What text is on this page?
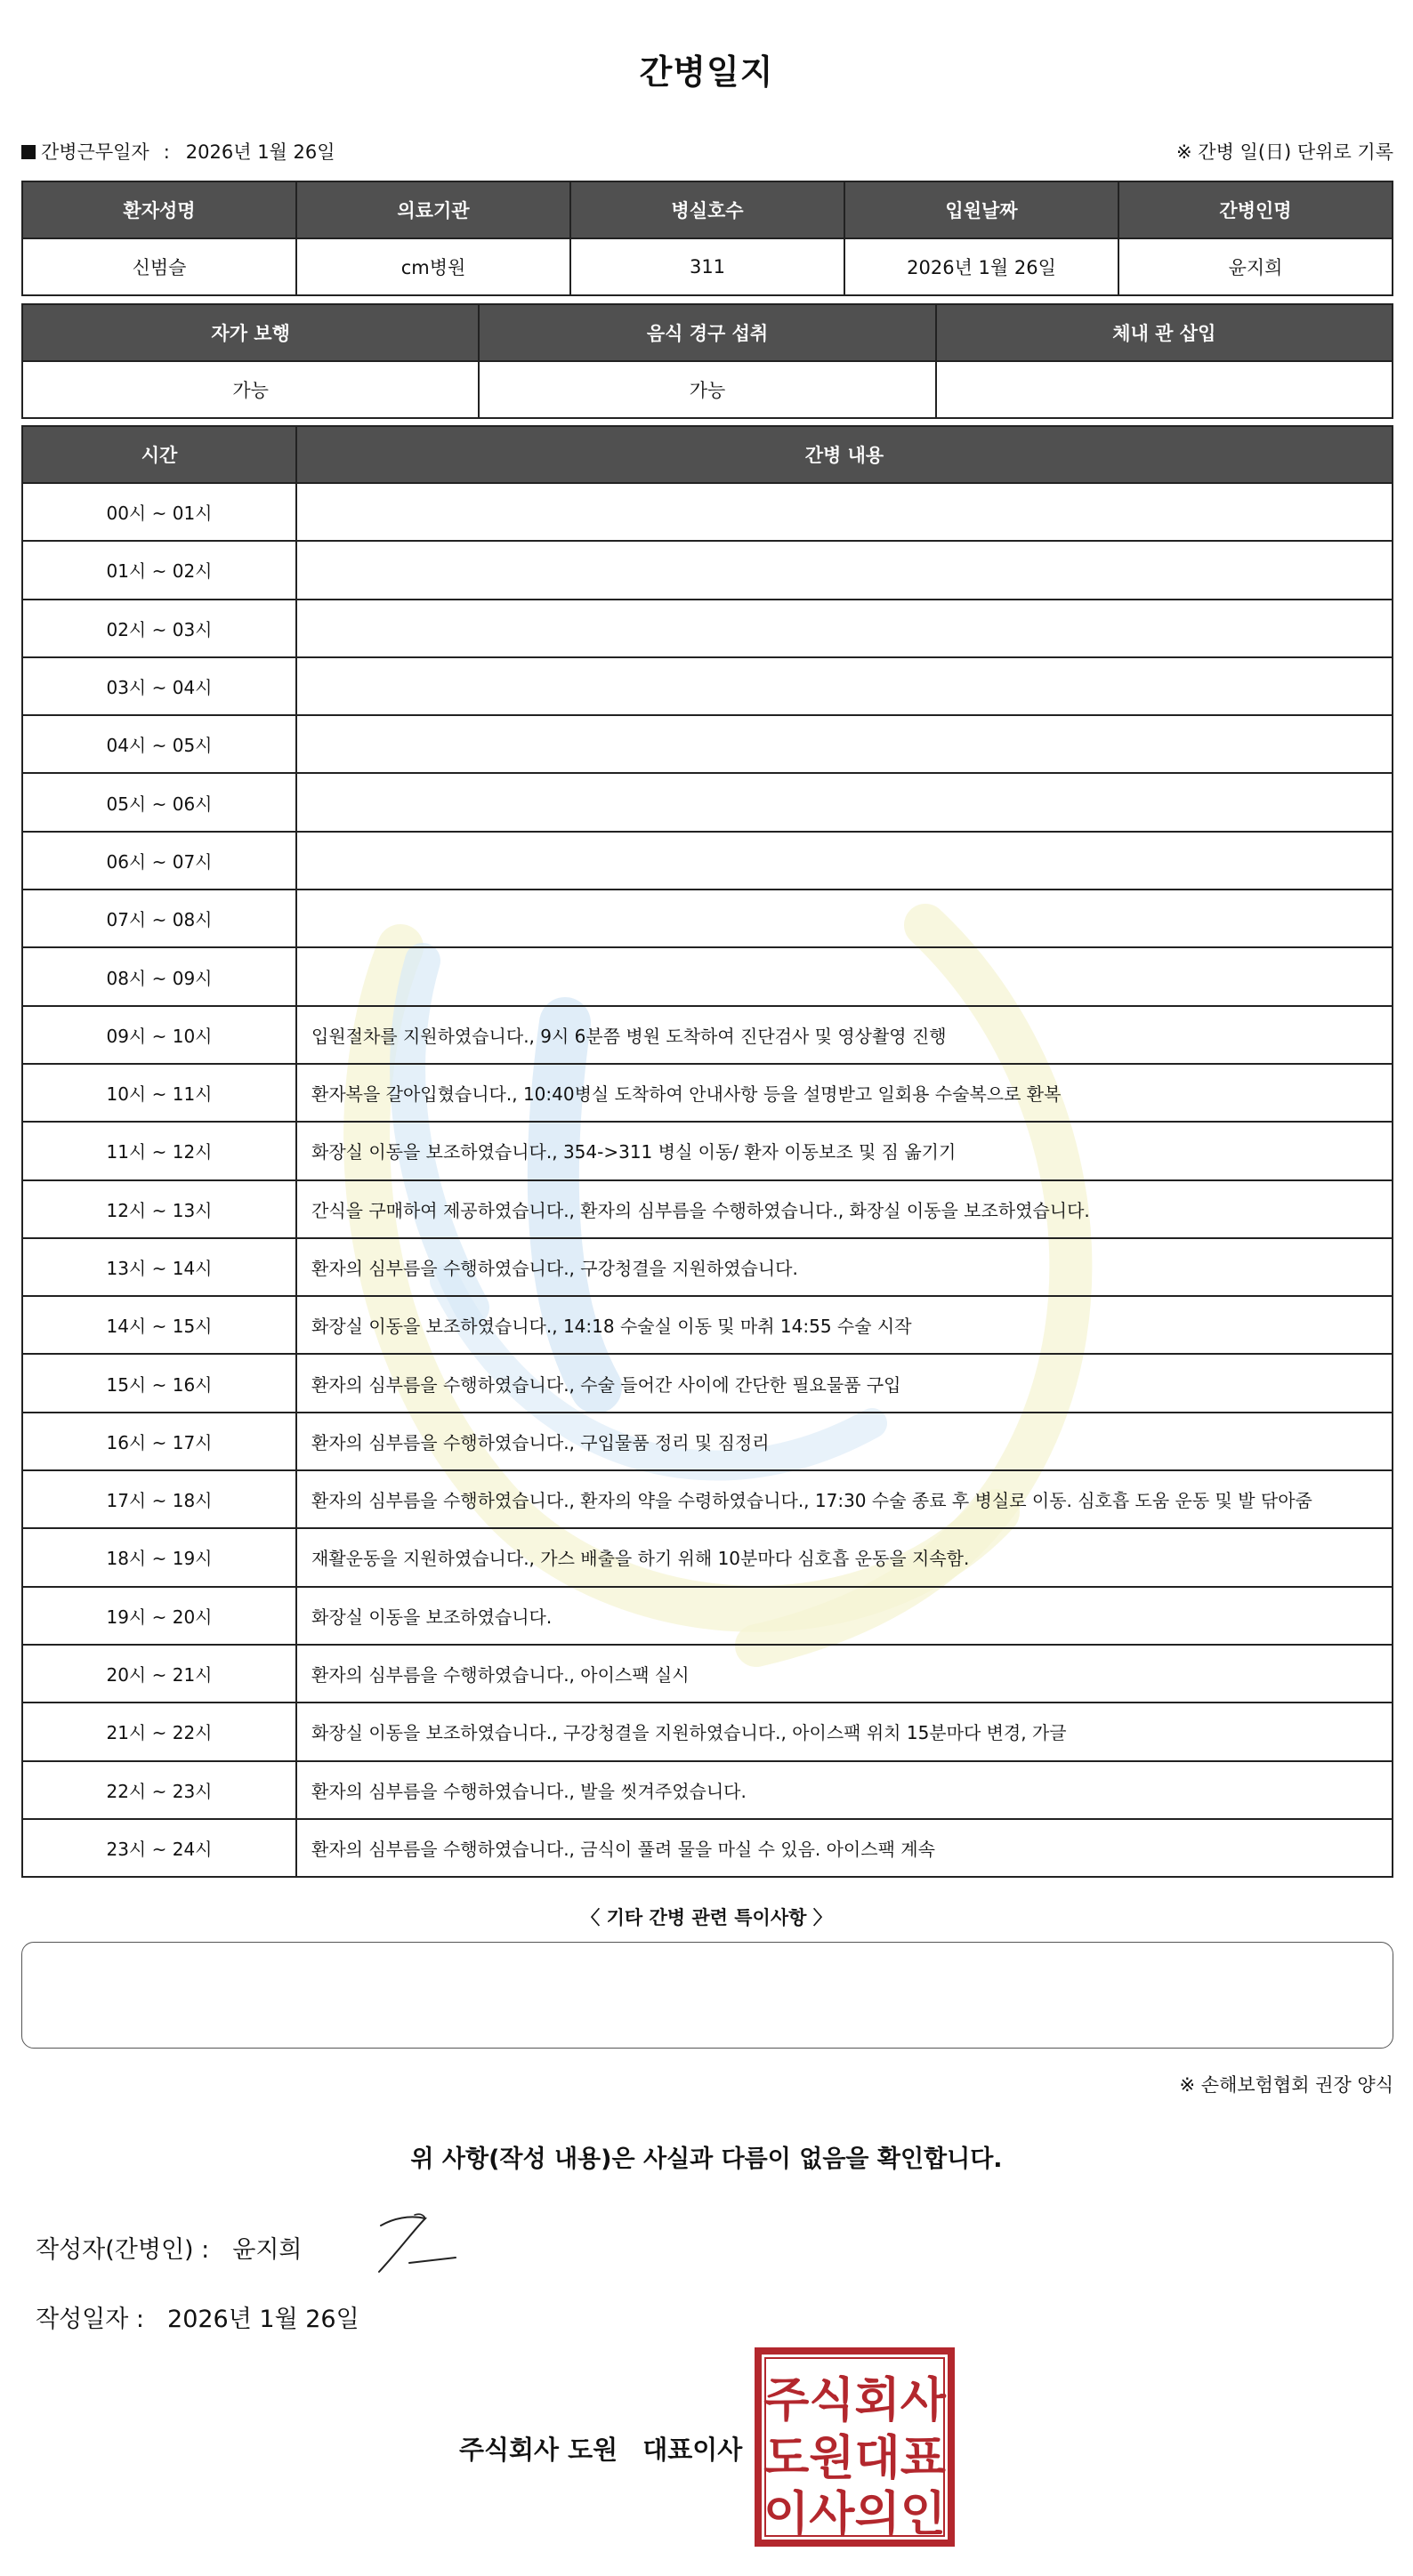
간병일지
간병근무일자 : 2026년 1월 26일	※ 간병 일(日) 단위로 기록
환자성명	의료기관	병실호수	입원날짜	간병인명
신범슬	cm병원	311	2026년 1월 26일	윤지희
자가 보행	음식 경구 섭취	체내 관 삽입
가능	가능	
시간	간병 내용
00시 ~ 01시	
01시 ~ 02시	
02시 ~ 03시	
03시 ~ 04시	
04시 ~ 05시	
05시 ~ 06시	
06시 ~ 07시	
07시 ~ 08시	
08시 ~ 09시	
09시 ~ 10시	입원절차를 지원하였습니다., 9시 6분쯤 병원 도착하여 진단검사 및 영상촬영 진행
10시 ~ 11시	환자복을 갈아입혔습니다., 10:40병실 도착하여 안내사항 등을 설명받고 일회용 수술복으로 환복
11시 ~ 12시	화장실 이동을 보조하였습니다., 354->311 병실 이동/ 환자 이동보조 및 짐 옮기기
12시 ~ 13시	간식을 구매하여 제공하였습니다., 환자의 심부름을 수행하였습니다., 화장실 이동을 보조하였습니다.
13시 ~ 14시	환자의 심부름을 수행하였습니다., 구강청결을 지원하였습니다.
14시 ~ 15시	화장실 이동을 보조하였습니다., 14:18 수술실 이동 및 마취 14:55 수술 시작
15시 ~ 16시	환자의 심부름을 수행하였습니다., 수술 들어간 사이에 간단한 필요물품 구입
16시 ~ 17시	환자의 심부름을 수행하였습니다., 구입물품 정리 및 짐정리
17시 ~ 18시	환자의 심부름을 수행하였습니다., 환자의 약을 수령하였습니다., 17:30 수술 종료 후 병실로 이동. 심호흡 도움 운동 및 발 닦아줌
18시 ~ 19시	재활운동을 지원하였습니다., 가스 배출을 하기 위해 10분마다 심호흡 운동을 지속함.
19시 ~ 20시	화장실 이동을 보조하였습니다.
20시 ~ 21시	환자의 심부름을 수행하였습니다., 아이스팩 실시
21시 ~ 22시	화장실 이동을 보조하였습니다., 구강청결을 지원하였습니다., 아이스팩 위치 15분마다 변경, 가글
22시 ~ 23시	환자의 심부름을 수행하였습니다., 발을 씻겨주었습니다.
23시 ~ 24시	환자의 심부름을 수행하였습니다., 금식이 풀려 물을 마실 수 있음. 아이스팩 계속
〈 기타 간병 관련 특이사항 〉
※ 손해보험협회 권장 양식
위 사항(작성 내용)은 사실과 다름이 없음을 확인합니다.
작성자(간병인) : 윤지희
작성일자 : 2026년 1월 26일
주식회사 도원 대표이사
주식회사
도원대표
이사의인
